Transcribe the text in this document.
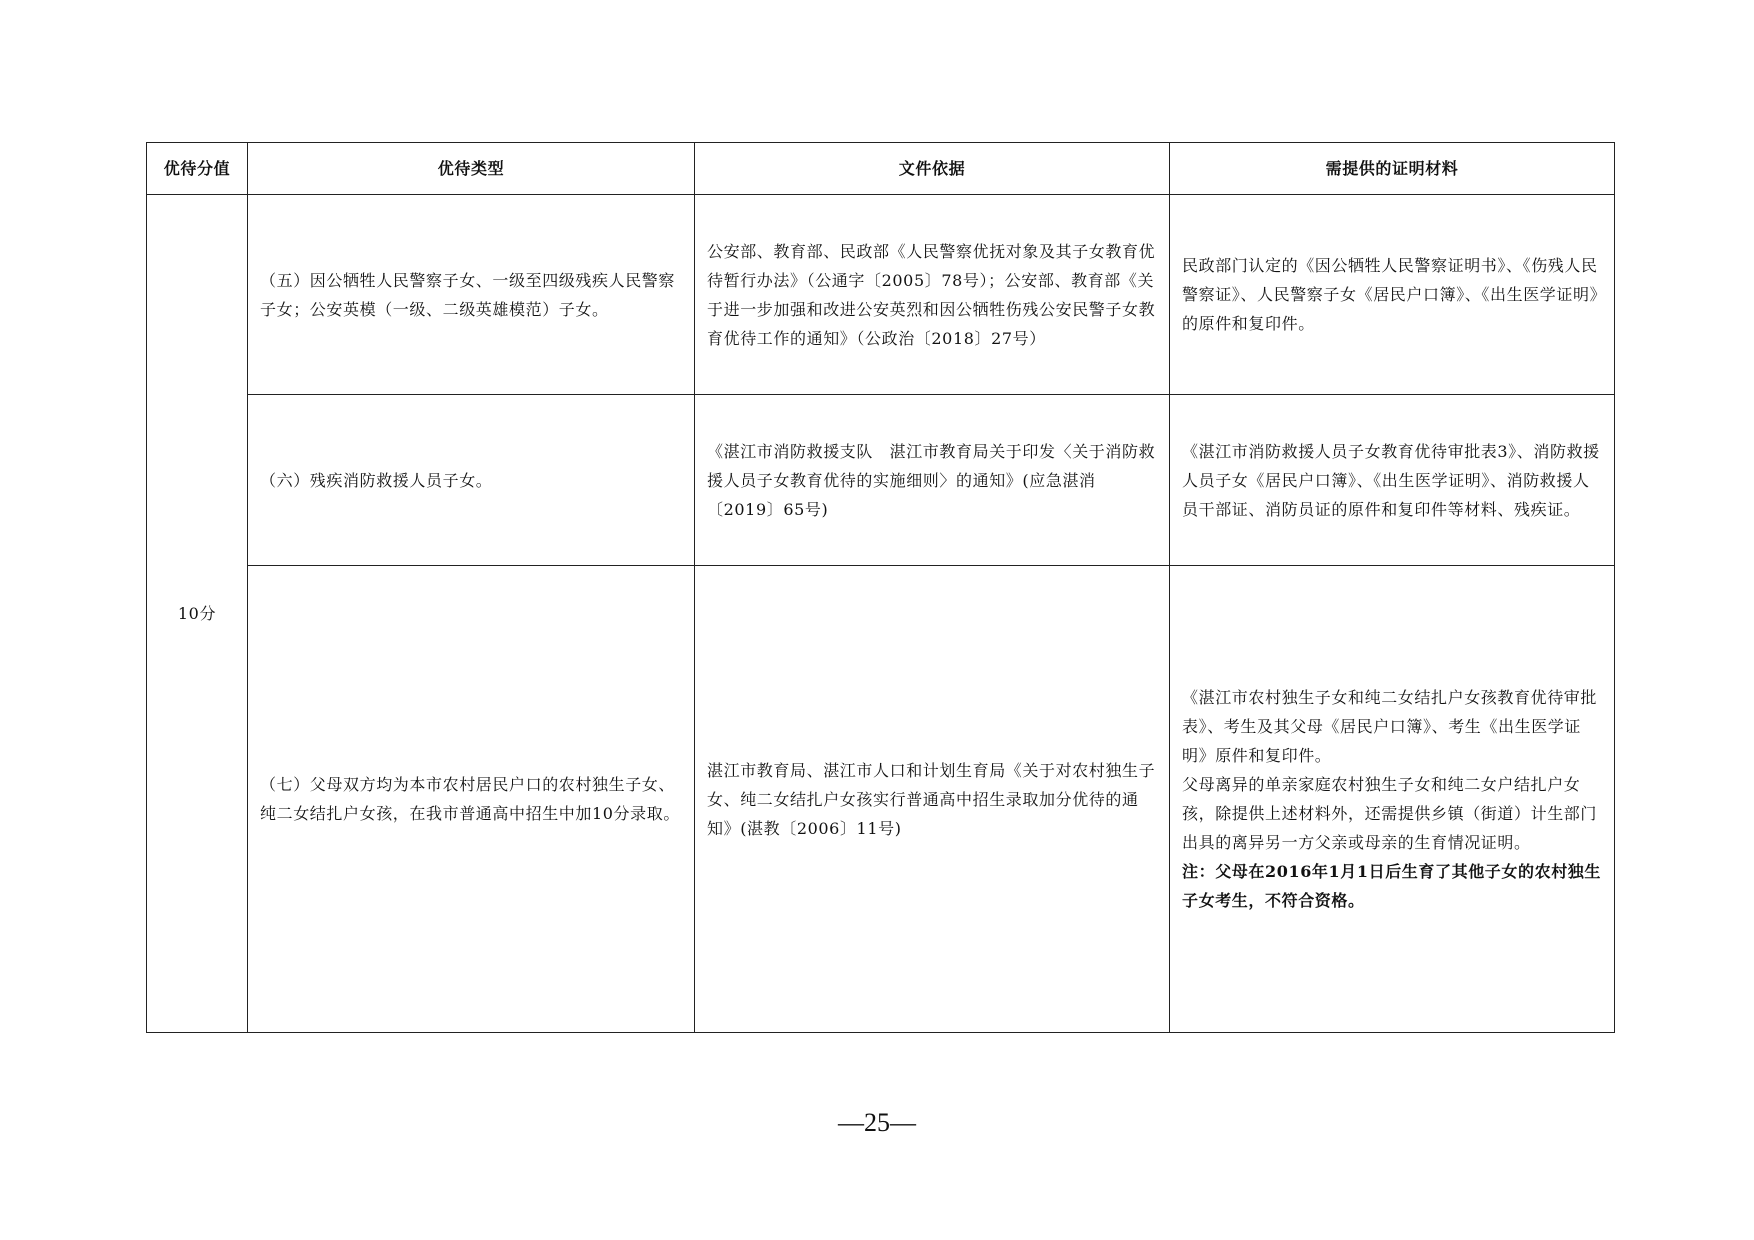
优待分值	优待类型	文件依据	需提供的证明材料
10分	（五）因公牺牲人民警察子女、一级至四级残疾人民警察子女；公安英模（一级、二级英雄模范）子女。	公安部、教育部、民政部《人民警察优抚对象及其子女教育优待暂行办法》（公通字〔2005〕78号）；公安部、教育部《关于进一步加强和改进公安英烈和因公牺牲伤残公安民警子女教育优待工作的通知》（公政治〔2018〕27号）	民政部门认定的《因公牺牲人民警察证明书》、《伤残人民警察证》、人民警察子女《居民户口簿》、《出生医学证明》的原件和复印件。
	（六）残疾消防救援人员子女。	《湛江市消防救援支队　湛江市教育局关于印发〈关于消防救援人员子女教育优待的实施细则〉的通知》(应急湛消〔2019〕65号)	《湛江市消防救援人员子女教育优待审批表3》、消防救援人员子女《居民户口簿》、《出生医学证明》、消防救援人员干部证、消防员证的原件和复印件等材料、残疾证。
	（七）父母双方均为本市农村居民户口的农村独生子女、纯二女结扎户女孩，在我市普通高中招生中加10分录取。	湛江市教育局、湛江市人口和计划生育局《关于对农村独生子女、纯二女结扎户女孩实行普通高中招生录取加分优待的通知》(湛教〔2006〕11号)	《湛江市农村独生子女和纯二女结扎户女孩教育优待审批表》、考生及其父母《居民户口簿》、考生《出生医学证明》原件和复印件。
父母离异的单亲家庭农村独生子女和纯二女户结扎户女孩，除提供上述材料外，还需提供乡镇（街道）计生部门出具的离异另一方父亲或母亲的生育情况证明。
注：父母在2016年1月1日后生育了其他子女的农村独生子女考生，不符合资格。
—25—
